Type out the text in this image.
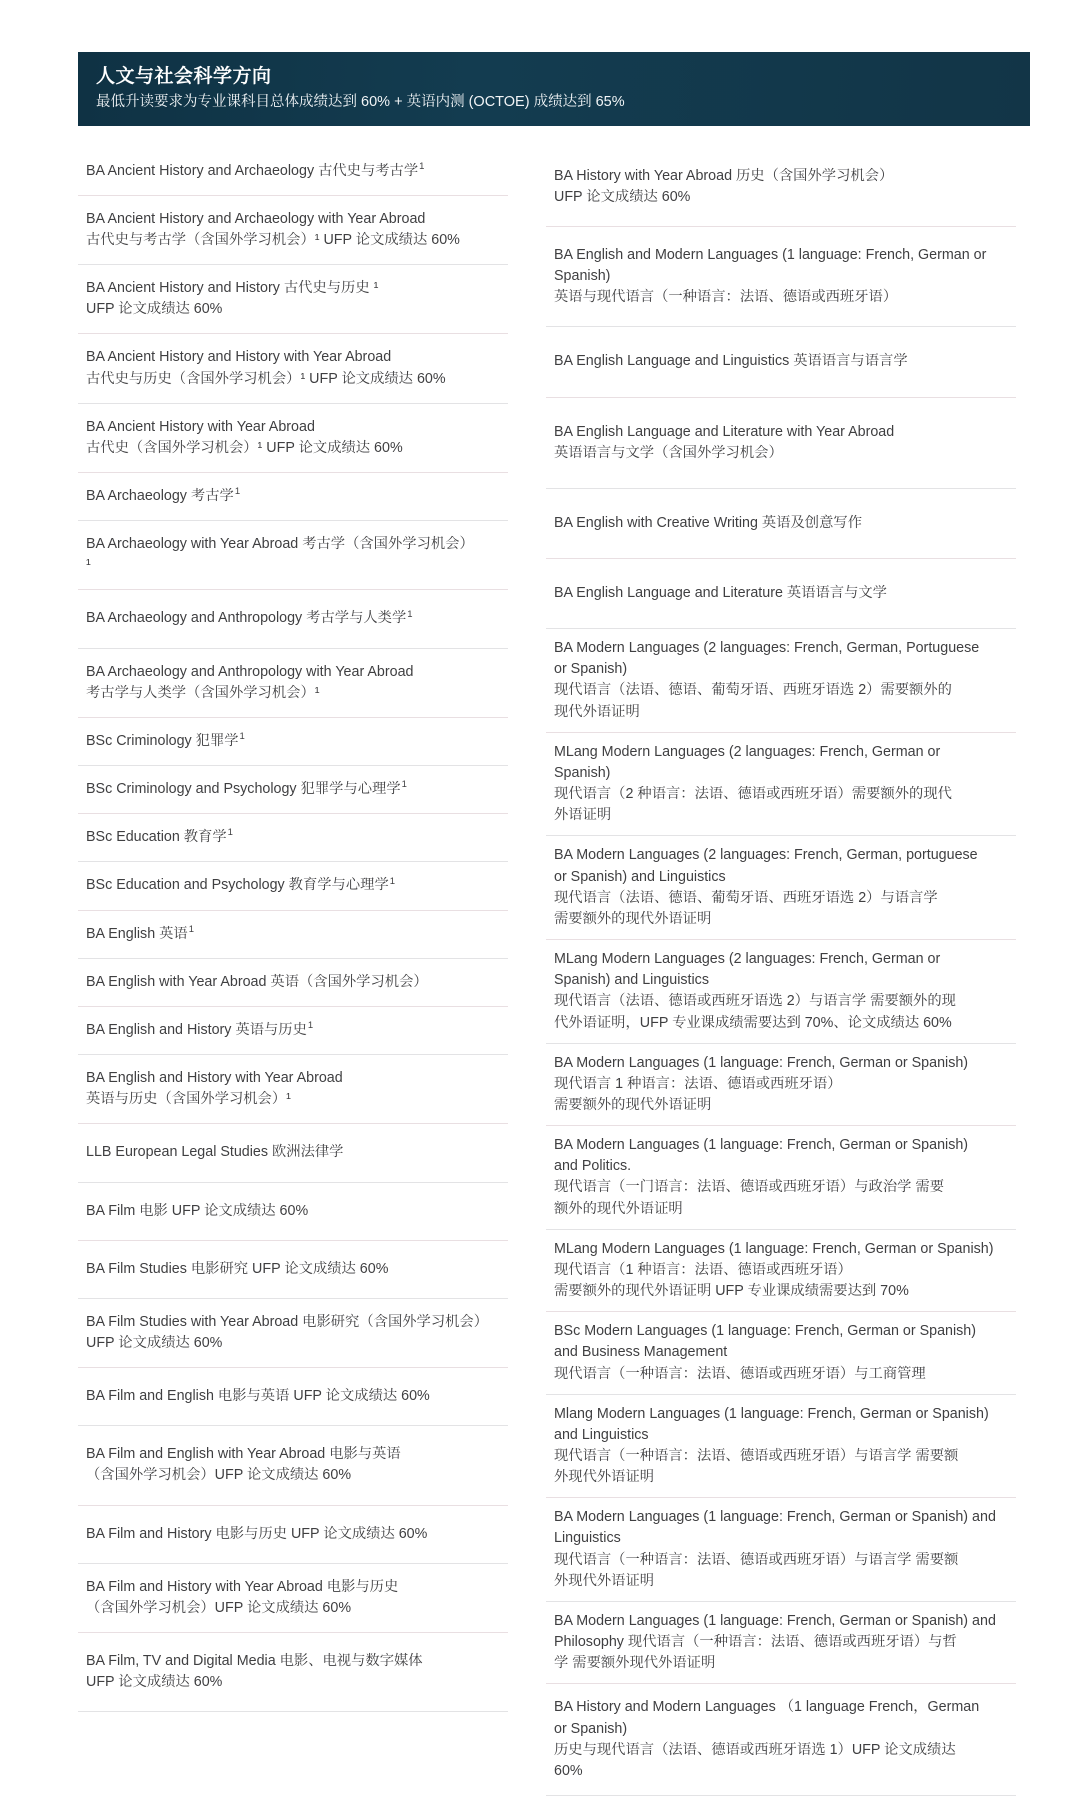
人文与社会科学方向
最低升读要求为专业课科目总体成绩达到 60% + 英语内测 (OCTOE) 成绩达到 65%
BA Ancient History and Archaeology 古代史与考古学$^1$
BA Ancient History and Archaeology with Year Abroad
古代史与考古学（含国外学习机会）¹ UFP 论文成绩达 60%
BA Ancient History and History 古代史与历史 ¹
UFP 论文成绩达 60%
BA Ancient History and History with Year Abroad
古代史与历史（含国外学习机会）¹ UFP 论文成绩达 60%
BA Ancient History with Year Abroad
古代史（含国外学习机会）¹ UFP 论文成绩达 60%
BA Archaeology 考古学$^1$
BA Archaeology with Year Abroad 考古学（含国外学习机会）
¹
BA Archaeology and Anthropology 考古学与人类学$^1$
BA Archaeology and Anthropology with Year Abroad
考古学与人类学（含国外学习机会）¹
BSc Criminology 犯罪学$^1$
BSc Criminology and Psychology 犯罪学与心理学$^1$
BSc Education 教育学$^1$
BSc Education and Psychology 教育学与心理学$^1$
BA English 英语$^1$
BA English with Year Abroad 英语（含国外学习机会）
BA English and History 英语与历史$^1$
BA English and History with Year Abroad
英语与历史（含国外学习机会）¹
LLB European Legal Studies 欧洲法律学
BA Film 电影 UFP 论文成绩达 60%
BA Film Studies 电影研究 UFP 论文成绩达 60%
BA Film Studies with Year Abroad 电影研究（含国外学习机会）
UFP 论文成绩达 60%
BA Film and English 电影与英语 UFP 论文成绩达 60%
BA Film and English with Year Abroad 电影与英语
（含国外学习机会）UFP 论文成绩达 60%
BA Film and History 电影与历史 UFP 论文成绩达 60%
BA Film and History with Year Abroad 电影与历史
（含国外学习机会）UFP 论文成绩达 60%
BA Film, TV and Digital Media 电影、电视与数字媒体
UFP 论文成绩达 60%
BA History with Year Abroad 历史（含国外学习机会）
UFP 论文成绩达 60%
BA English and Modern Languages (1 language: French, German or
Spanish)
英语与现代语言（一种语言：法语、德语或西班牙语）
BA English Language and Linguistics 英语语言与语言学
BA English Language and Literature with Year Abroad
英语语言与文学（含国外学习机会）
BA English with Creative Writing 英语及创意写作
BA English Language and Literature 英语语言与文学
BA Modern Languages (2 languages: French, German, Portuguese
or Spanish)
现代语言（法语、德语、葡萄牙语、西班牙语选 2）需要额外的
现代外语证明
MLang Modern Languages (2 languages: French, German or
Spanish)
现代语言（2 种语言：法语、德语或西班牙语）需要额外的现代
外语证明
BA Modern Languages (2 languages: French, German, portuguese
or Spanish) and Linguistics
现代语言（法语、德语、葡萄牙语、西班牙语选 2）与语言学
需要额外的现代外语证明
MLang Modern Languages (2 languages: French, German or
Spanish) and Linguistics
现代语言（法语、德语或西班牙语选 2）与语言学 需要额外的现
代外语证明，UFP 专业课成绩需要达到 70%、论文成绩达 60%
BA Modern Languages (1 language: French, German or Spanish)
现代语言 1 种语言：法语、德语或西班牙语）
需要额外的现代外语证明
BA Modern Languages (1 language: French, German or Spanish)
and Politics.
现代语言（一门语言：法语、德语或西班牙语）与政治学 需要
额外的现代外语证明
MLang Modern Languages (1 language: French, German or Spanish)
现代语言（1 种语言：法语、德语或西班牙语）
需要额外的现代外语证明 UFP 专业课成绩需要达到 70%
BSc Modern Languages (1 language: French, German or Spanish)
and Business Management
现代语言（一种语言：法语、德语或西班牙语）与工商管理
Mlang Modern Languages (1 language: French, German or Spanish)
and Linguistics
现代语言（一种语言：法语、德语或西班牙语）与语言学 需要额
外现代外语证明
BA Modern Languages (1 language: French, German or Spanish) and
Linguistics
现代语言（一种语言：法语、德语或西班牙语）与语言学 需要额
外现代外语证明
BA Modern Languages (1 language: French, German or Spanish) and
Philosophy 现代语言（一种语言：法语、德语或西班牙语）与哲
学 需要额外现代外语证明
BA History and Modern Languages （1 language French，German
or Spanish)
历史与现代语言（法语、德语或西班牙语选 1）UFP 论文成绩达
60%
